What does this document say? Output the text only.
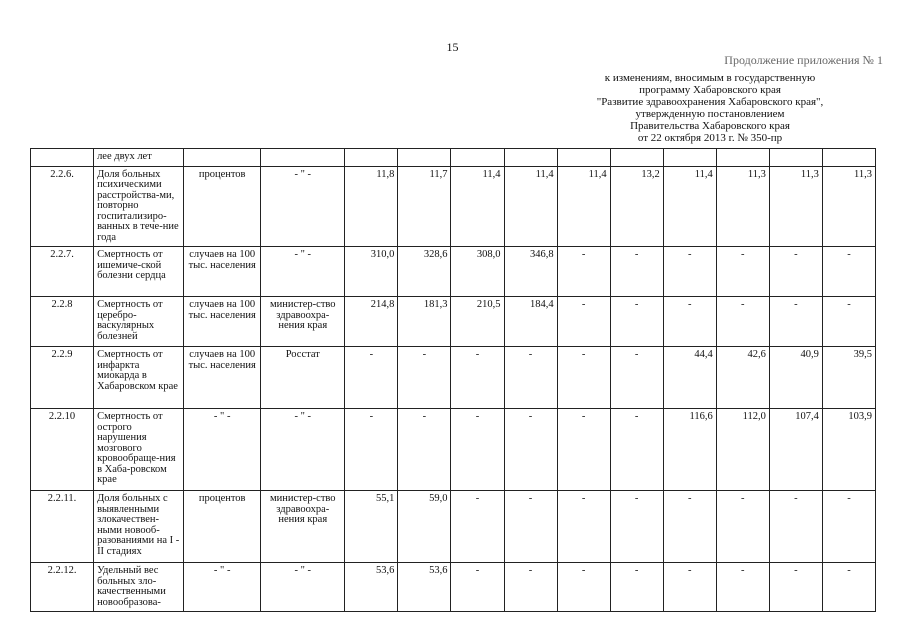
15
Продолжение приложения № 1
к изменениям, вносимым в государственную
программу Хабаровского края
"Развитие здравоохранения Хабаровского края",
утвержденную постановлением
Правительства Хабаровского края
от 22 октября 2013 г. № 350-пр
	лее двух лет												
2.2.6.	Доля больных психическими расстройства-ми, повторно госпитализиро-ванных в тече-ние года	процентов	- " -	11,8	11,7	11,4	11,4	11,4	13,2	11,4	11,3	11,3	11,3
2.2.7.	Смертность от ишемиче-ской болезни сердца	случаев на 100 тыс. населения	- " -	310,0	328,6	308,0	346,8	-	-	-	-	-	-
2.2.8	Смертность от церебро-васкулярных болезней	случаев на 100 тыс. населения	министер-ство здравоохра-нения края	214,8	181,3	210,5	184,4	-	-	-	-	-	-
2.2.9	Смертность от инфаркта миокарда в Хабаровском крае	случаев на 100 тыс. населения	Росстат	-	-	-	-	-	-	44,4	42,6	40,9	39,5
2.2.10	Смертность от острого нарушения мозгового кровообраще-ния в Хаба-ровском крае	- " -	- " -	-	-	-	-	-	-	116,6	112,0	107,4	103,9
2.2.11.	Доля больных с выявленными злокачествен-ными новооб-разованиями на I - II стадиях	процентов	министер-ство здравоохра-нения края	55,1	59,0	-	-	-	-	-	-	-	-
2.2.12.	Удельный вес больных зло-качественными новообразова-	- " -	- " -	53,6	53,6	-	-	-	-	-	-	-	-
